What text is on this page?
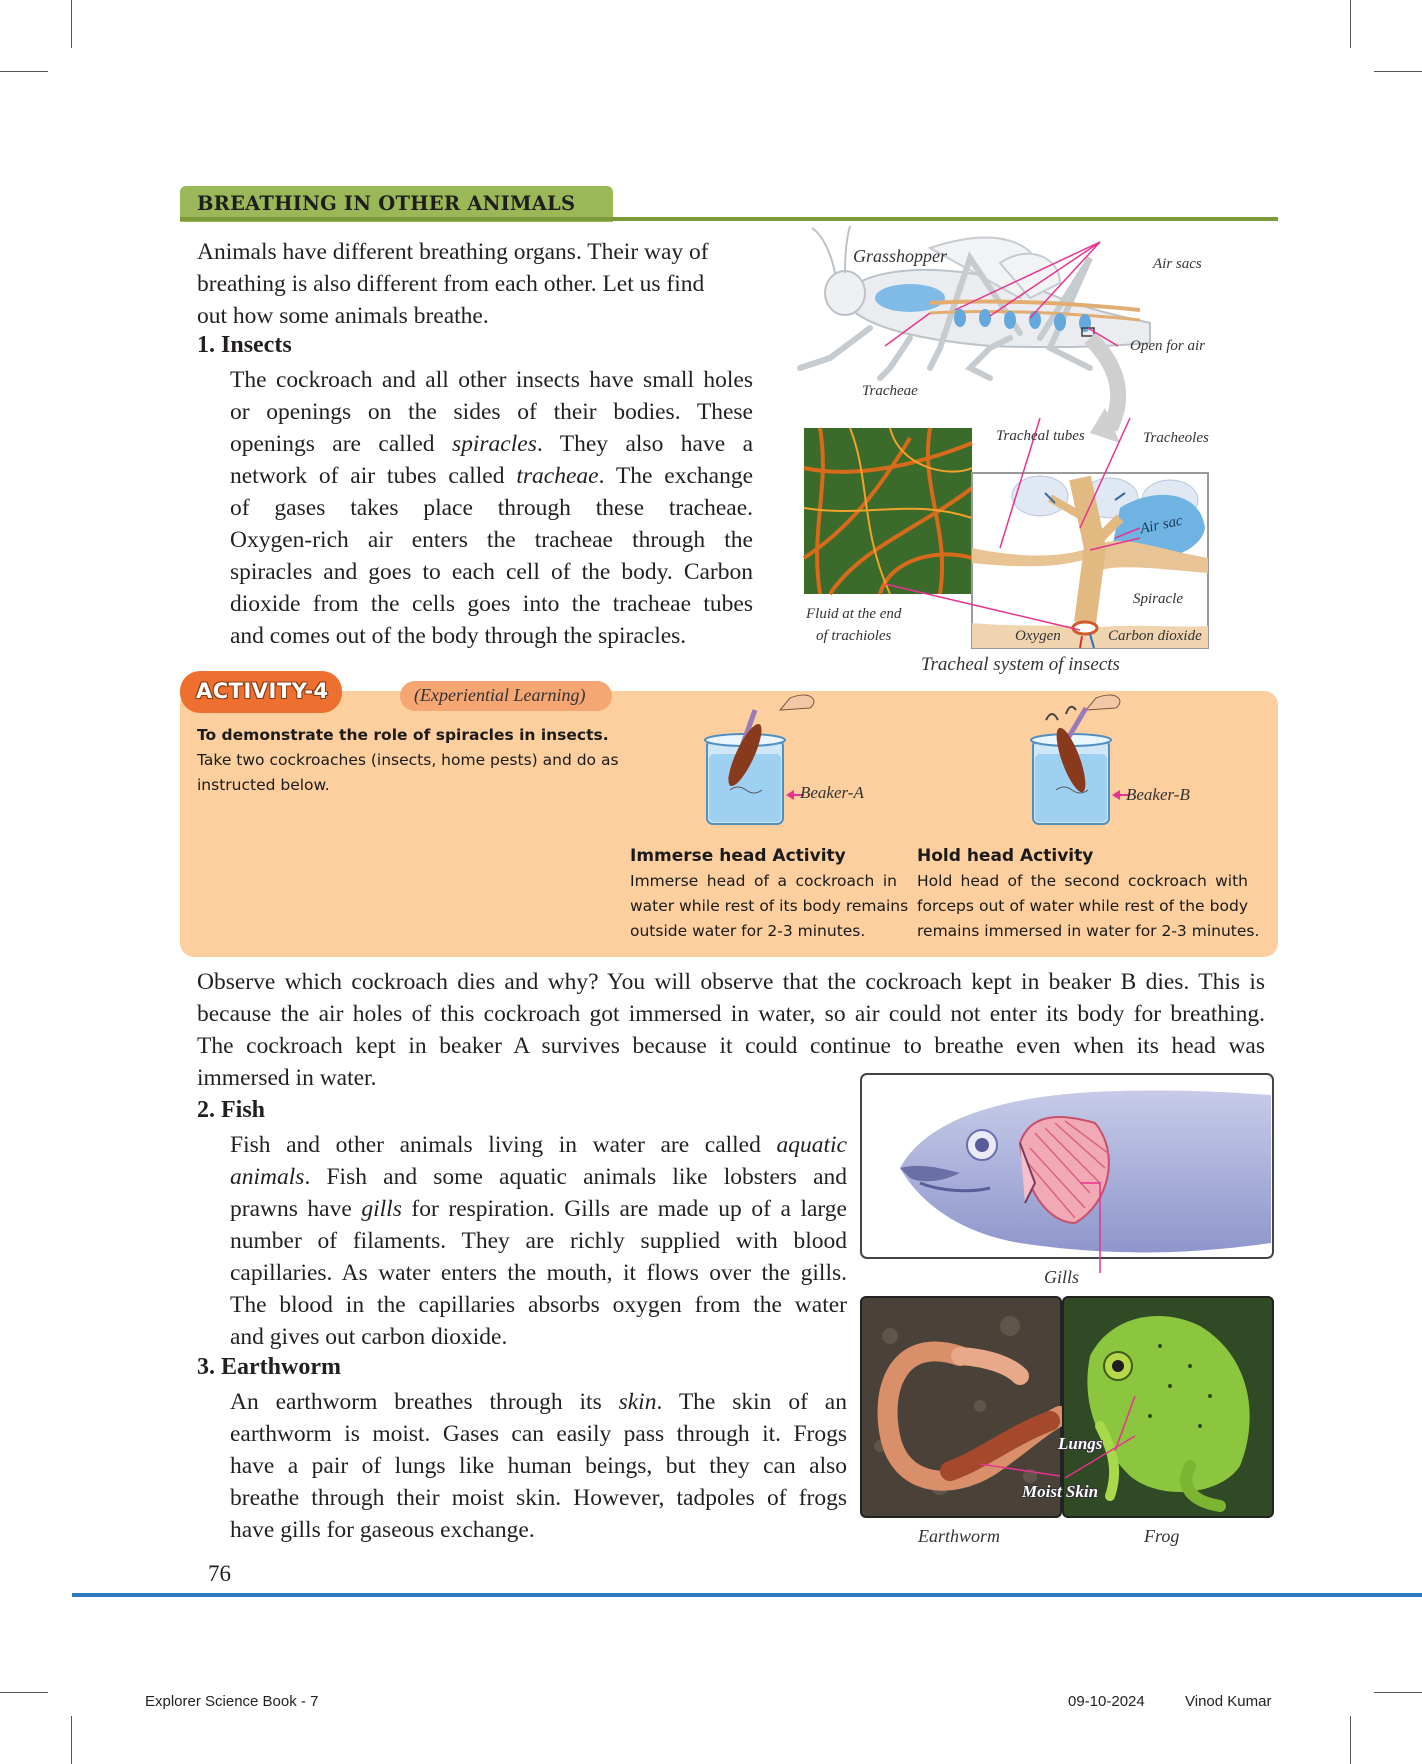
BREATHING IN OTHER ANIMALS
Animals have different breathing organs. Their way of
breathing is also different from each other. Let us find
out how some animals breathe.
1. Insects
The cockroach and all other insects have small holes
or openings on the sides of their bodies. These
openings are called spiracles. They also have a
network of air tubes called tracheae. The exchange
of gases takes place through these tracheae.
Oxygen-rich air enters the tracheae through the
spiracles and goes to each cell of the body. Carbon
dioxide from the cells goes into the tracheae tubes
and comes out of the body through the spiracles.
Grasshopper	Air sacs
Open for air
Tracheae
Tracheal tubes	Tracheoles
Air sac
Spiracle
Fluid at the end
of trachioles	Oxygen	Carbon dioxide
Tracheal system of insects
ACTIVITY-4	(Experiential Learning)
To demonstrate the role of spiracles in insects.
Take two cockroaches (insects, home pests) and do as
instructed below.	Beaker-A	Beaker-B
Immerse head Activity
Immerse head of a cockroach in
water while rest of its body remains
outside water for 2-3 minutes.
Hold head Activity
Hold head of the second cockroach with
forceps out of water while rest of the body
remains immersed in water for 2-3 minutes.
Observe which cockroach dies and why? You will observe that the cockroach kept in beaker B dies. This is
because the air holes of this cockroach got immersed in water, so air could not enter its body for breathing.
The cockroach kept in beaker A survives because it could continue to breathe even when its head was
immersed in water.
2. Fish
Fish and other animals living in water are called aquatic
animals. Fish and some aquatic animals like lobsters and
prawns have gills for respiration. Gills are made up of a large
number of filaments. They are richly supplied with blood
capillaries. As water enters the mouth, it flows over the gills.
The blood in the capillaries absorbs oxygen from the water
and gives out carbon dioxide.
Gills
3. Earthworm
An earthworm breathes through its skin. The skin of an
earthworm is moist. Gases can easily pass through it. Frogs
have a pair of lungs like human beings, but they can also
breathe through their moist skin. However, tadpoles of frogs
have gills for gaseous exchange.
Lungs
Moist Skin
Earthworm	Frog
76
Explorer Science Book - 7	09-10-2024	Vinod Kumar
